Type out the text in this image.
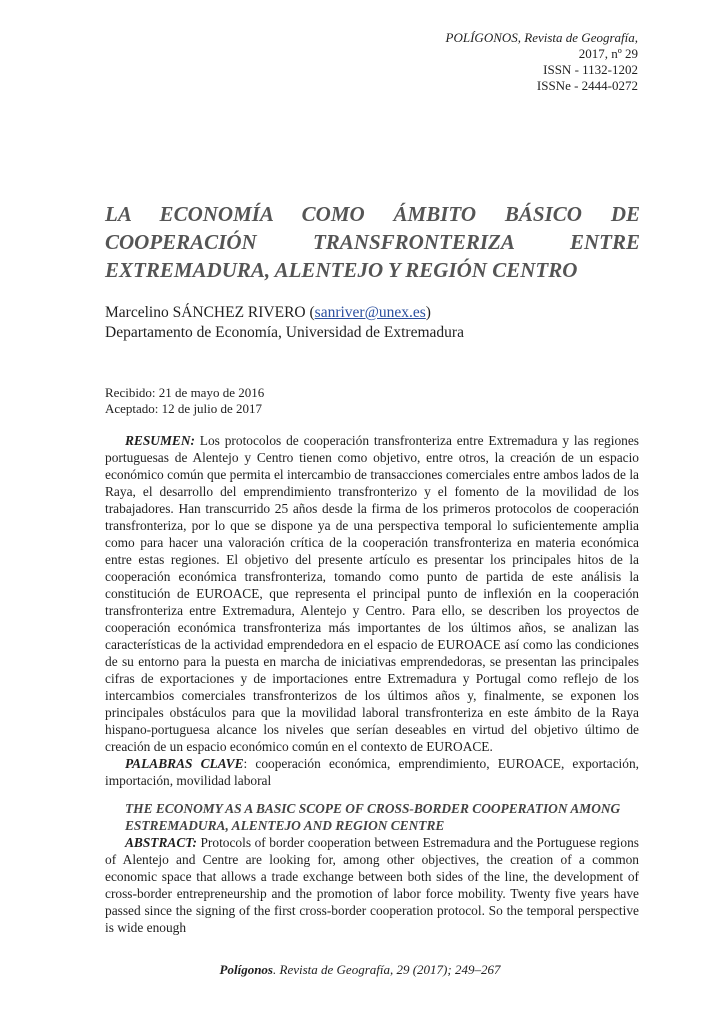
POLÍGONOS, Revista de Geografía,
2017, nº 29
ISSN - 1132-1202
ISSNe - 2444-0272
LA ECONOMÍA COMO ÁMBITO BÁSICO DE COOPERACIÓN TRANSFRONTERIZA ENTRE EXTREMADURA, ALENTEJO Y REGIÓN CENTRO
Marcelino SÁNCHEZ RIVERO (sanriver@unex.es)
Departamento de Economía, Universidad de Extremadura
Recibido: 21 de mayo de 2016
Aceptado: 12 de julio de 2017

RESUMEN: Los protocolos de cooperación transfronteriza entre Extremadura y las regiones portuguesas de Alentejo y Centro tienen como objetivo, entre otros, la creación de un espacio económico común que permita el intercambio de transacciones comerciales entre ambos lados de la Raya, el desarrollo del emprendimiento transfronterizo y el fomento de la movilidad de los trabajadores. Han transcurrido 25 años desde la firma de los primeros protocolos de cooperación transfronteriza, por lo que se dispone ya de una perspectiva temporal lo suficientemente amplia como para hacer una valoración crítica de la cooperación transfronteriza en materia económica entre estas regiones. El objetivo del presente artículo es presentar los principales hitos de la cooperación económica transfronteriza, tomando como punto de partida de este análisis la constitución de EUROACE, que representa el principal punto de inflexión en la cooperación transfronteriza entre Extremadura, Alentejo y Centro. Para ello, se describen los proyectos de cooperación económica transfronteriza más importantes de los últimos años, se analizan las características de la actividad emprendedora en el espacio de EUROACE así como las condiciones de su entorno para la puesta en marcha de iniciativas emprendedoras, se presentan las principales cifras de exportaciones y de importaciones entre Extremadura y Portugal como reflejo de los intercambios comerciales transfronterizos de los últimos años y, finalmente, se exponen los principales obstáculos para que la movilidad laboral transfronteriza en este ámbito de la Raya hispano-portuguesa alcance los niveles que serían deseables en virtud del objetivo último de creación de un espacio económico común en el contexto de EUROACE.

PALABRAS CLAVE: cooperación económica, emprendimiento, EUROACE, exportación, importación, movilidad laboral

THE ECONOMY AS A BASIC SCOPE OF CROSS-BORDER COOPERATION AMONG ESTREMADURA, ALENTEJO AND REGION CENTRE

ABSTRACT: Protocols of border cooperation between Estremadura and the Portuguese regions of Alentejo and Centre are looking for, among other objectives, the creation of a common economic space that allows a trade exchange between both sides of the line, the development of cross-border entrepreneurship and the promotion of labor force mobility. Twenty five years have passed since the signing of the first cross-border cooperation protocol. So the temporal perspective is wide enough

Polígonos. Revista de Geografía, 29 (2017); 249–267
